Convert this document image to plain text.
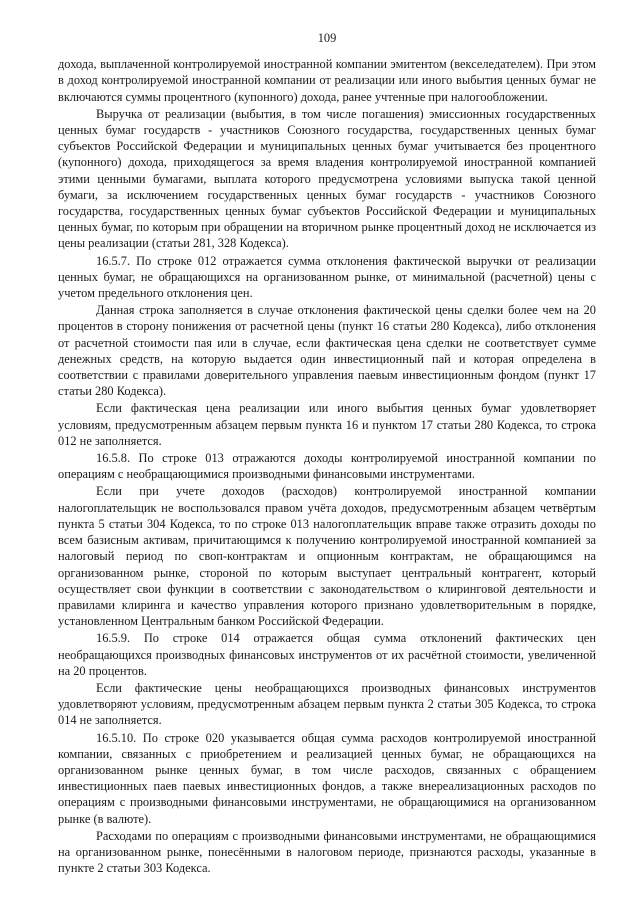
109

дохода, выплаченной контролируемой иностранной компании эмитентом (векселедателем). При этом в доход контролируемой иностранной компании от реализации или иного выбытия ценных бумаг не включаются суммы процентного (купонного) дохода, ранее учтенные при налогообложении.

Выручка от реализации (выбытия, в том числе погашения) эмиссионных государственных ценных бумаг государств - участников Союзного государства, государственных ценных бумаг субъектов Российской Федерации и муниципальных ценных бумаг учитывается без процентного (купонного) дохода, приходящегося за время владения контролируемой иностранной компанией этими ценными бумагами, выплата которого предусмотрена условиями выпуска такой ценной бумаги, за исключением государственных ценных бумаг государств - участников Союзного государства, государственных ценных бумаг субъектов Российской Федерации и муниципальных ценных бумаг, по которым при обращении на вторичном рынке процентный доход не исключается из цены реализации (статьи 281, 328 Кодекса).

16.5.7. По строке 012 отражается сумма отклонения фактической выручки от реализации ценных бумаг, не обращающихся на организованном рынке, от минимальной (расчетной) цены с учетом предельного отклонения цен.

Данная строка заполняется в случае отклонения фактической цены сделки более чем на 20 процентов в сторону понижения от расчетной цены (пункт 16 статьи 280 Кодекса), либо отклонения от расчетной стоимости пая или в случае, если фактическая цена сделки не соответствует сумме денежных средств, на которую выдается один инвестиционный пай и которая определена в соответствии с правилами доверительного управления паевым инвестиционным фондом (пункт 17 статьи 280 Кодекса).

Если фактическая цена реализации или иного выбытия ценных бумаг удовлетворяет условиям, предусмотренным абзацем первым пункта 16 и пунктом 17 статьи 280 Кодекса, то строка 012 не заполняется.

16.5.8. По строке 013 отражаются доходы контролируемой иностранной компании по операциям с необращающимися производными финансовыми инструментами.

Если при учете доходов (расходов) контролируемой иностранной компании налогоплательщик не воспользовался правом учёта доходов, предусмотренным абзацем четвёртым пункта 5 статьи 304 Кодекса, то по строке 013 налогоплательщик вправе также отразить доходы по всем базисным активам, причитающимся к получению контролируемой иностранной компанией за налоговый период по своп-контрактам и опционным контрактам, не обращающимся на организованном рынке, стороной по которым выступает центральный контрагент, который осуществляет свои функции в соответствии с законодательством о клиринговой деятельности и правилами клиринга и качество управления которого признано удовлетворительным в порядке, установленном Центральным банком Российской Федерации.

16.5.9. По строке 014 отражается общая сумма отклонений фактических цен необращающихся производных финансовых инструментов от их расчётной стоимости, увеличенной на 20 процентов.

Если фактические цены необращающихся производных финансовых инструментов удовлетворяют условиям, предусмотренным абзацем первым пункта 2 статьи 305 Кодекса, то строка 014 не заполняется.

16.5.10. По строке 020 указывается общая сумма расходов контролируемой иностранной компании, связанных с приобретением и реализацией ценных бумаг, не обращающихся на организованном рынке ценных бумаг, в том числе расходов, связанных с обращением инвестиционных паев паевых инвестиционных фондов, а также внереализационных расходов по операциям с производными финансовыми инструментами, не обращающимися на организованном рынке (в валюте).

Расходами по операциям с производными финансовыми инструментами, не обращающимися на организованном рынке, понесёнными в налоговом периоде, признаются расходы, указанные в пункте 2 статьи 303 Кодекса.
